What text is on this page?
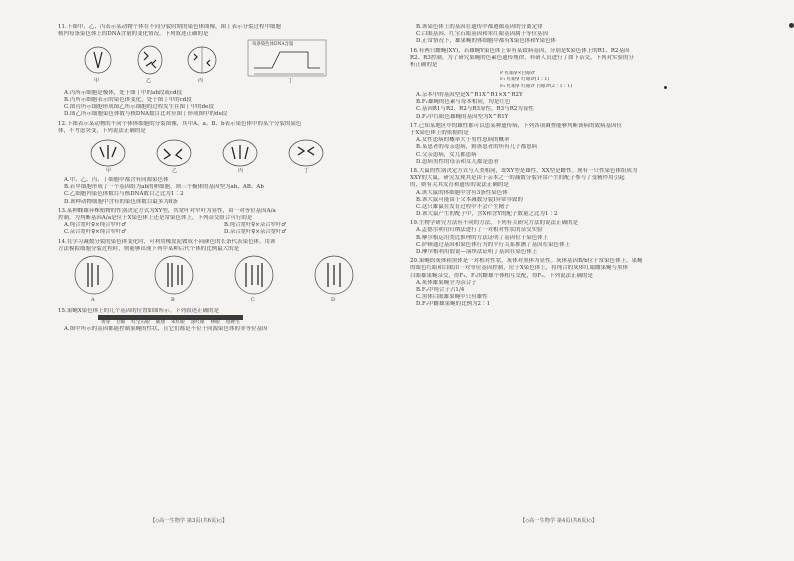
11.下图甲、乙、丙表示某动物个体在不同分裂时期的染色体图像，图丁表示分裂过程中细胞
核内每条染色体上的DNA含量的变化情况。下列叙述正确的是
每条染色体DNA含量
甲	乙	丙	丁
A.丙所示细胞是极体，处于图丁中的ab段或cd段
B.丙所示细胞表示的染色体变化，处于图丁中的cd段
C.图丙所示细胞形成图乙所示细胞的过程发生在图丁中的de段
D.图乙所示细胞染色体数与核DNA数目比对应图丁形成图中的de段
12.下图表示某动物的不同个体体细胞的分裂图像，其中A、a、B、b表示染色体中的某个分裂的染色
体，不考虑突变，下列说法正确的是
甲	乙	丙	丁
A.甲、乙、丙、丁细胞中都含有同源染色体
B.若甲细胞形成了一个基因组为ab的卵细胞，则三个极体的基因型为ab、AB、Ab
C.乙细胞内染色体数目与核DNA数目之比为1∶2
D.该种动物细胞中含有的染色体数目最多为8条
13.某种雌雄异株植物的性别决定方式为XY型，其宽叶对窄叶为显性，由一对等位基因A/a
控制。为判断基因A/a是位于X染色体上还是常染色体上，下列杂交组合可行的是
A.纯合宽叶♀×纯合窄叶♂	B.纯合宽叶♀×杂合窄叶♂
C.杂合宽叶♀×纯合窄叶♂	D.杂合宽叶♀×杂合宽叶♂
14.在学习减数分裂的染色体变化时，可利用橡皮泥做成不同颜色的长条代表染色体。用该
方法模拟细胞分裂过程时，则能够出现下列中某种后代个体的比例最大的是
A	B	C	D
15.果蝇X染色体上的几个基因的位置如图所示。下列叙述正确的是

黄身	白眼	红宝石眼	截翅	朱红眼	深红眼	棒眼	短硬毛
A.图中所示的基因都能控制果蝇的性状，且它们都是不位于同源染色体的非等位基因
【◇高一生物学 第3页(共6页)◇】
B.该染色体上的基因在遗传中都遵循基因的分离定律
C.白眼基因、红宝石眼基因和朱红眼基因属于等位基因
D.正常情况下，雄果蝇的体细胞中都有X染色体和Y染色体
16.有两只雌蝇(XY)，若雄蝇Y染色体上带有某致病基因，分别是X染色体上的R1、R2基因
R2、R3控制。为了研究果蝇的色素色遗传规律，科研人员进行了如下杂交，下列对实验的分
析正确的是
P 红眼♀×白眼♂
F₁ 红眼♀ 红眼♂(1∶1)
F₂ 红眼♀ 红眼♂ 白眼♂(2∶1∶1)
A.亲本中的基因型是X^R1X^R1×X^R2Y
B.F₁雄蝇的色素与母本相同，均是红色
C.基因R1与R2、R2与R3显性，R3与R2为显性
D.F₂中红眼色雄蝇的基因型为X^R1Y
17.已知某地区中的雄性都可以患某种遗传病，下列各项调查能够判断该病的致病基因位
于X染色体上的依据的是
A.女性患病的概率大于男性患病的概率
B.某患者的母亲患病，则该患者的所有儿子都患病
C.父亲患病，女儿都患病
D.患病男性的母亲和女儿都是患者
18.大鼠的性别决定方式与人类相同，即XY型是雄性，XX型是雌性。现有一只性染色体组成为
XXY的大鼠，研究发现其是由于亲本之一的减数分裂异常产生的配子参与了受精作用引起
的，则有关其发育和遗传的说法正确的是
A.该大鼠的体细胞中含有3条性染色体
B.该大鼠可能由于父本减数分裂Ⅰ异常导致的
C.这只雄鼠在发育过程中不会产生精子
D.该大鼠产生的配子中，含X和含Y的配子数量之比为1∶2
19.生物学研究方法有不同的方法，下列有关研究方法的说法正确的是
A.孟德尔利用归纳法进行了一对相对性状的杂交实验
B.摩尔根运用类比推理的方法证明了基因位于染色体上
C.萨顿通过基因和染色体行为的平行关系推测了基因在染色体上
D.摩尔根利用假说—演绎法证明了基因在染色体上
20.果蝇的灰体和黑体是一对相对性状，灰体对黑体为显性。灰体基因B/b位于常染色体上。果蝇
的眼色红眼和白眼由一对等位基因控制，位于X染色体上，将纯合的灰体红眼雌果蝇与黑体
白眼雄果蝇杂交，得F₁，F₁的雌雄个体相互交配，得F₂。下列说法正确的是
A.灰体雄果蝇全为杂合子
B.F₂中纯合子占1/4
C.黑体白眼雄果蝇中只有雄性
D.F₂中雌雄果蝇的比例为2∶1
【◇高一生物学 第4页(共6页)◇】
